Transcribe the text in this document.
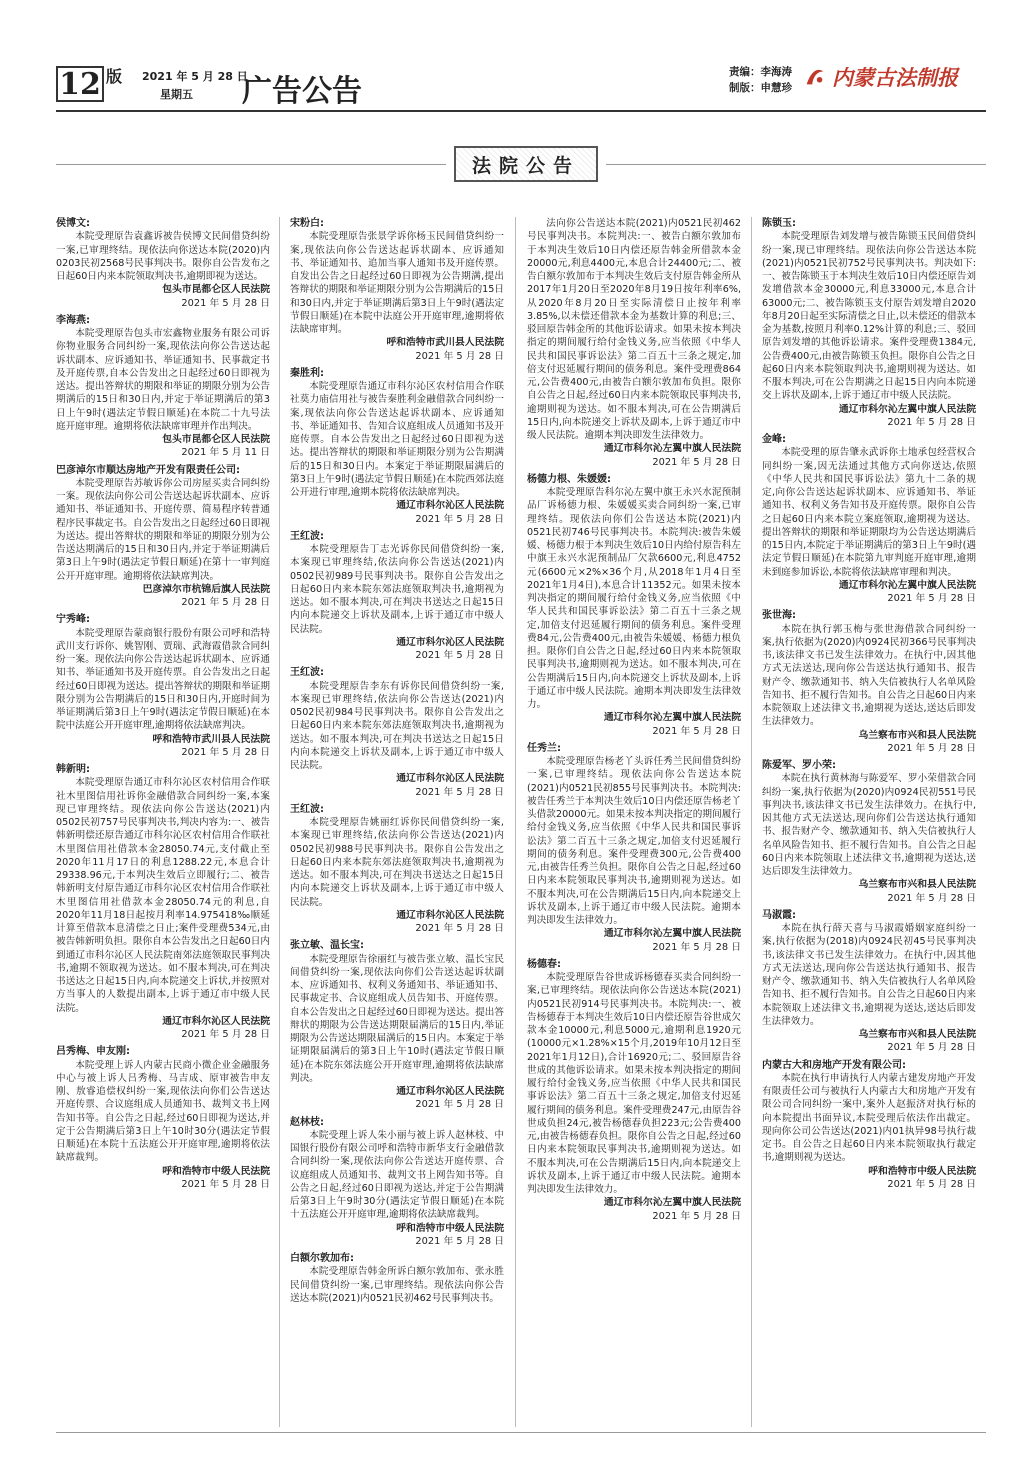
12 版 2021 年 5 月 28 日
星期五 广告公告
责编：李海涛
制版：申慧珍 内蒙古法制报
法院公告
侯博文:

本院受理原告袁鑫诉被告侯博文民间借贷纠纷一案,已审理终结。现依法向你送达本院(2020)内0203民初2568号民事判决书。限你自公告发布之日起60日内来本院领取判决书,逾期即视为送达。

包头市昆都仑区人民法院
2021 年 5 月 28 日
李海燕:

本院受理原告包头市宏鑫物业服务有限公司诉你物业服务合同纠纷一案,现依法向你公告送达起诉状副本、应诉通知书、举证通知书、民事裁定书及开庭传票,自本公告发出之日起经过60日即视为送达。提出答辩状的期限和举证的期限分别为公告期满后的15日和30日内,并定于举证期满后的第3日上午9时(遇法定节假日顺延)在本院二十九号法庭开庭审理。逾期将依法缺席审理并作出判决。

包头市昆都仑区人民法院
2021 年 5 月 11 日
巴彦淖尔市顺达房地产开发有限责任公司:

本院受理原告苏敏诉你公司房屋买卖合同纠纷一案。现依法向你公司公告送达起诉状副本、应诉通知书、举证通知书、开庭传票、简易程序转普通程序民事裁定书。自公告发出之日起经过60日即视为送达。提出答辩状的期限和举证的期限分别为公告送达期满后的15日和30日内,并定于举证期满后第3日上午9时(遇法定节假日顺延)在第十一审判庭公开开庭审理。逾期将依法缺席判决。

巴彦淖尔市杭锦后旗人民法院
2021 年 5 月 28 日
宁秀峰:

本院受理原告蒙商银行股份有限公司呼和浩特武川支行诉你、姚智刚、贾瑞、武海霞借款合同纠纷一案。现依法向你公告送达起诉状副本、应诉通知书、举证通知书及开庭传票。自公告发出之日起经过60日即视为送达。提出答辩状的期限和举证期限分别为公告期满后的15日和30日内,开庭时间为举证期满后第3日上午9时(遇法定节假日顺延)在本院中法庭公开开庭审理,逾期将依法缺席判决。

呼和浩特市武川县人民法院
2021 年 5 月 28 日
韩新明:

本院受理原告通辽市科尔沁区农村信用合作联社木里图信用社诉你金融借款合同纠纷一案,本案现已审理终结。现依法向你公告送达(2021)内0502民初757号民事判决书,判决内容为:一、被告韩新明偿还原告通辽市科尔沁区农村信用合作联社木里图信用社借款本金28050.74元,支付截止至2020年11月17日的利息1288.22元,本息合计29338.96元,于本判决生效后立即履行;二、被告韩新明支付原告通辽市科尔沁区农村信用合作联社木里图信用社借款本金28050.74元的利息,自2020年11月18日起按月利率14.975418‰顺延计算至借款本息清偿之日止;案件受理费534元,由被告韩新明负担。限你自本公告发出之日起60日内到通辽市科尔沁区人民法院南郊法庭领取民事判决书,逾期不领取视为送达。如不服本判决,可在判决书送达之日起15日内,向本院递交上诉状,并按照对方当事人的人数提出副本,上诉于通辽市中级人民法院。

通辽市科尔沁区人民法院
2021 年 5 月 28 日
吕秀梅、申友刚:

本院受理上诉人内蒙古民商小微企业金融服务中心与被上诉人吕秀梅、马吉成、原审被告申友刚、敖睿追偿权纠纷一案,现依法向你们公告送达开庭传票、合议庭组成人员通知书、裁判文书上网告知书等。自公告之日起,经过60日即视为送达,并定于公告期满后第3日上午10时30分(遇法定节假日顺延)在本院十五法庭公开开庭审理,逾期将依法缺席裁判。

呼和浩特市中级人民法院
2021 年 5 月 28 日
宋粉白:

本院受理原告张景学诉你杨玉民间借贷纠纷一案,现依法向你公告送达起诉状副本、应诉通知书、举证通知书、追加当事人通知书及开庭传票。自发出公告之日起经过60日即视为公告期满,提出答辩状的期限和举证期限分别为公告期满后的15日和30日内,并定于举证期满后第3日上午9时(遇法定节假日顺延)在本院中法庭公开开庭审理,逾期将依法缺席审判。

呼和浩特市武川县人民法院
2021 年 5 月 28 日
秦胜利:

本院受理原告通辽市科尔沁区农村信用合作联社莫力庙信用社与被告秦胜利金融借款合同纠纷一案,现依法向你公告送达起诉状副本、应诉通知书、举证通知书、告知合议庭组成人员通知书及开庭传票。自本公告发出之日起经过60日即视为送达。提出答辩状的期限和举证期限分别为公告期满后的15日和30日内。本案定于举证期限届满后的第3日上午9时(遇法定节假日顺延)在本院西郊法庭公开进行审理,逾期本院将依法缺席判决。

通辽市科尔沁区人民法院
2021 年 5 月 28 日
王红波:

本院受理原告丁志光诉你民间借贷纠纷一案,本案现已审理终结,依法向你公告送达(2021)内0502民初989号民事判决书。限你自公告发出之日起60日内来本院东郊法庭领取判决书,逾期视为送达。如不服本判决,可在判决书送达之日起15日内向本院递交上诉状及副本,上诉于通辽市中级人民法院。

通辽市科尔沁区人民法院
2021 年 5 月 28 日
王红波:

本院受理原告李东有诉你民间借贷纠纷一案,本案现已审理终结,依法向你公告送达(2021)内0502民初984号民事判决书。限你自公告发出之日起60日内来本院东郊法庭领取判决书,逾期视为送达。如不服本判决,可在判决书送达之日起15日内向本院递交上诉状及副本,上诉于通辽市中级人民法院。

通辽市科尔沁区人民法院
2021 年 5 月 28 日
王红波:

本院受理原告姚丽红诉你民间借贷纠纷一案,本案现已审理终结,依法向你公告送达(2021)内0502民初988号民事判决书。限你自公告发出之日起60日内来本院东郊法庭领取判决书,逾期视为送达。如不服本判决,可在判决书送达之日起15日内向本院递交上诉状及副本,上诉于通辽市中级人民法院。

通辽市科尔沁区人民法院
2021 年 5 月 28 日
张立敏、温长宝:

本院受理原告徐丽红与被告张立敏、温长宝民间借贷纠纷一案,现依法向你们公告送达起诉状副本、应诉通知书、权利义务通知书、举证通知书、民事裁定书、合议庭组成人员告知书、开庭传票。自本公告发出之日起经过60日即视为送达。提出答辩状的期限为公告送达期限届满后的15日内,举证期限为公告送达期限届满后的15日内。本案定于举证期限届满后的第3日上午10时(遇法定节假日顺延)在本院东郊法庭公开开庭审理,逾期将依法缺席判决。

通辽市科尔沁区人民法院
2021 年 5 月 28 日
赵林枝:

本院受理上诉人朱小丽与被上诉人赵林枝、中国银行股份有限公司呼和浩特市新华支行金融借款合同纠纷一案,现依法向你公告送达开庭传票、合议庭组成人员通知书、裁判文书上网告知书等。自公告之日起,经过60日即视为送达,并定于公告期满后第3日上午9时30分(遇法定节假日顺延)在本院十五法庭公开开庭审理,逾期将依法缺席裁判。

呼和浩特市中级人民法院
2021 年 5 月 28 日
白额尔敦加布:

本院受理原告韩金所诉白额尔敦加布、张永胜民间借贷纠纷一案,已审理终结。现依法向你公告送达本院(2021)内0521民初462号民事判决书。

法向你公告送达本院(2021)内0521民初462号民事判决书。本院判决:一、被告白额尔敦加布于本判决生效后10日内偿还原告韩金所借款本金20000元,利息4400元,本息合计24400元;二、被告白额尔敦加布于本判决生效后支付原告韩金所从2017年1月20日至2020年8月19日按年利率6%,从2020年8月20日至实际清偿日止按年利率3.85%,以未偿还借款本金为基数计算的利息;三、驳回原告韩金所的其他诉讼请求。如果未按本判决指定的期间履行给付金钱义务,应当依照《中华人民共和国民事诉讼法》第二百五十三条之规定,加倍支付迟延履行期间的债务利息。案件受理费864元,公告费400元,由被告白额尔敦加布负担。限你自公告之日起,经过60日内来本院领取民事判决书,逾期则视为送达。如不服本判决,可在公告期满后15日内,向本院递交上诉状及副本,上诉于通辽市中级人民法院。逾期本判决即发生法律效力。

通辽市科尔沁左翼中旗人民法院
2021 年 5 月 28 日
杨德力根、朱媛媛:

本院受理原告科尔沁左翼中旗王永兴水泥预制品厂诉杨德力根、朱媛媛买卖合同纠纷一案,已审理终结。现依法向你们公告送达本院(2021)内0521民初746号民事判决书。本院判决:被告朱媛媛、杨德力根于本判决生效后10日内给付原告科左中旗王永兴水泥预制品厂欠款6600元,利息4752元(6600元×2%×36个月,从2018年1月4日至2021年1月4日),本息合计11352元。如果未按本判决指定的期间履行给付金钱义务,应当依照《中华人民共和国民事诉讼法》第二百五十三条之规定,加倍支付迟延履行期间的债务利息。案件受理费84元,公告费400元,由被告朱媛媛、杨德力根负担。限你们自公告之日起,经过60日内来本院领取民事判决书,逾期则视为送达。如不服本判决,可在公告期满后15日内,向本院递交上诉状及副本,上诉于通辽市中级人民法院。逾期本判决即发生法律效力。

通辽市科尔沁左翼中旗人民法院
2021 年 5 月 28 日
任秀兰:

本院受理原告杨老丫头诉任秀兰民间借贷纠纷一案,已审理终结。现依法向你公告送达本院(2021)内0521民初855号民事判决书。本院判决:被告任秀兰于本判决生效后10日内偿还原告杨老丫头借款20000元。如果未按本判决指定的期间履行给付金钱义务,应当依照《中华人民共和国民事诉讼法》第二百五十三条之规定,加倍支付迟延履行期间的债务利息。案件受理费300元,公告费400元,由被告任秀兰负担。限你自公告之日起,经过60日内来本院领取民事判决书,逾期则视为送达。如不服本判决,可在公告期满后15日内,向本院递交上诉状及副本,上诉于通辽市中级人民法院。逾期本判决即发生法律效力。

通辽市科尔沁左翼中旗人民法院
2021 年 5 月 28 日
杨德春:

本院受理原告谷世成诉杨德春买卖合同纠纷一案,已审理终结。现依法向你公告送达本院(2021)内0521民初914号民事判决书。本院判决:一、被告杨德春于本判决生效后10日内偿还原告谷世成欠款本金10000元,利息5000元,逾期利息1920元(10000元×1.28%×15个月,2019年10月12日至2021年1月12日),合计16920元;二、驳回原告谷世成的其他诉讼请求。如果未按本判决指定的期间履行给付金钱义务,应当依照《中华人民共和国民事诉讼法》第二百五十三条之规定,加倍支付迟延履行期间的债务利息。案件受理费247元,由原告谷世成负担24元,被告杨德春负担223元;公告费400元,由被告杨德春负担。限你自公告之日起,经过60日内来本院领取民事判决书,逾期则视为送达。如不服本判决,可在公告期满后15日内,向本院递交上诉状及副本,上诉于通辽市中级人民法院。逾期本判决即发生法律效力。

通辽市科尔沁左翼中旗人民法院
2021 年 5 月 28 日
陈锁玉:

本院受理原告刘发增与被告陈锁玉民间借贷纠纷一案,现已审理终结。现依法向你公告送达本院(2021)内0521民初752号民事判决书。判决如下:一、被告陈锁玉于本判决生效后10日内偿还原告刘发增借款本金30000元,利息33000元,本息合计63000元;二、被告陈锁玉支付原告刘发增自2020年8月20日起至实际清偿之日止,以未偿还的借款本金为基数,按照月利率0.12%计算的利息;三、驳回原告刘发增的其他诉讼请求。案件受理费1384元,公告费400元,由被告陈锁玉负担。限你自公告之日起60日内来本院领取判决书,逾期则视为送达。如不服本判决,可在公告期满之日起15日内向本院递交上诉状及副本,上诉于通辽市中级人民法院。

通辽市科尔沁左翼中旗人民法院
2021 年 5 月 28 日
金峰:

本院受理的原告肇永武诉你土地承包经营权合同纠纷一案,因无法通过其他方式向你送达,依照《中华人民共和国民事诉讼法》第九十二条的规定,向你公告送达起诉状副本、应诉通知书、举证通知书、权利义务告知书及开庭传票。限你自公告之日起60日内来本院立案庭领取,逾期视为送达。提出答辩状的期限和举证期限均为公告送达期满后的15日内,本院定于举证期满后的第3日上午9时(遇法定节假日顺延)在本院第九审判庭开庭审理,逾期未到庭参加诉讼,本院将依法缺席审理和判决。

通辽市科尔沁左翼中旗人民法院
2021 年 5 月 28 日
张世海:

本院在执行郭玉梅与张世海借款合同纠纷一案,执行依据为(2020)内0924民初366号民事判决书,该法律文书已发生法律效力。在执行中,因其他方式无法送达,现向你公告送达执行通知书、报告财产令、缴款通知书、纳入失信被执行人名单风险告知书、拒不履行告知书。自公告之日起60日内来本院领取上述法律文书,逾期视为送达,送达后即发生法律效力。

乌兰察布市兴和县人民法院
2021 年 5 月 28 日
陈爱军、罗小荣:

本院在执行黄林海与陈爱军、罗小荣借款合同纠纷一案,执行依据为(2020)内0924民初551号民事判决书,该法律文书已发生法律效力。在执行中,因其他方式无法送达,现向你们公告送达执行通知书、报告财产令、缴款通知书、纳入失信被执行人名单风险告知书、拒不履行告知书。自公告之日起60日内来本院领取上述法律文书,逾期视为送达,送达后即发生法律效力。

乌兰察布市兴和县人民法院
2021 年 5 月 28 日
马淑霞:

本院在执行薛天喜与马淑霞婚姻家庭纠纷一案,执行依据为(2018)内0924民初45号民事判决书,该法律文书已发生法律效力。在执行中,因其他方式无法送达,现向你公告送达执行通知书、报告财产令、缴款通知书、纳入失信被执行人名单风险告知书、拒不履行告知书。自公告之日起60日内来本院领取上述法律文书,逾期视为送达,送达后即发生法律效力。

乌兰察布市兴和县人民法院
2021 年 5 月 28 日
内蒙古大和房地产开发有限公司:

本院在执行申请执行人内蒙古建发房地产开发有限责任公司与被执行人内蒙古大和房地产开发有限公司合同纠纷一案中,案外人赵振济对执行标的向本院提出书面异议,本院受理后依法作出裁定。现向你公司公告送达(2021)内01执异98号执行裁定书。自公告之日起60日内来本院领取执行裁定书,逾期则视为送达。

呼和浩特市中级人民法院
2021 年 5 月 28 日
